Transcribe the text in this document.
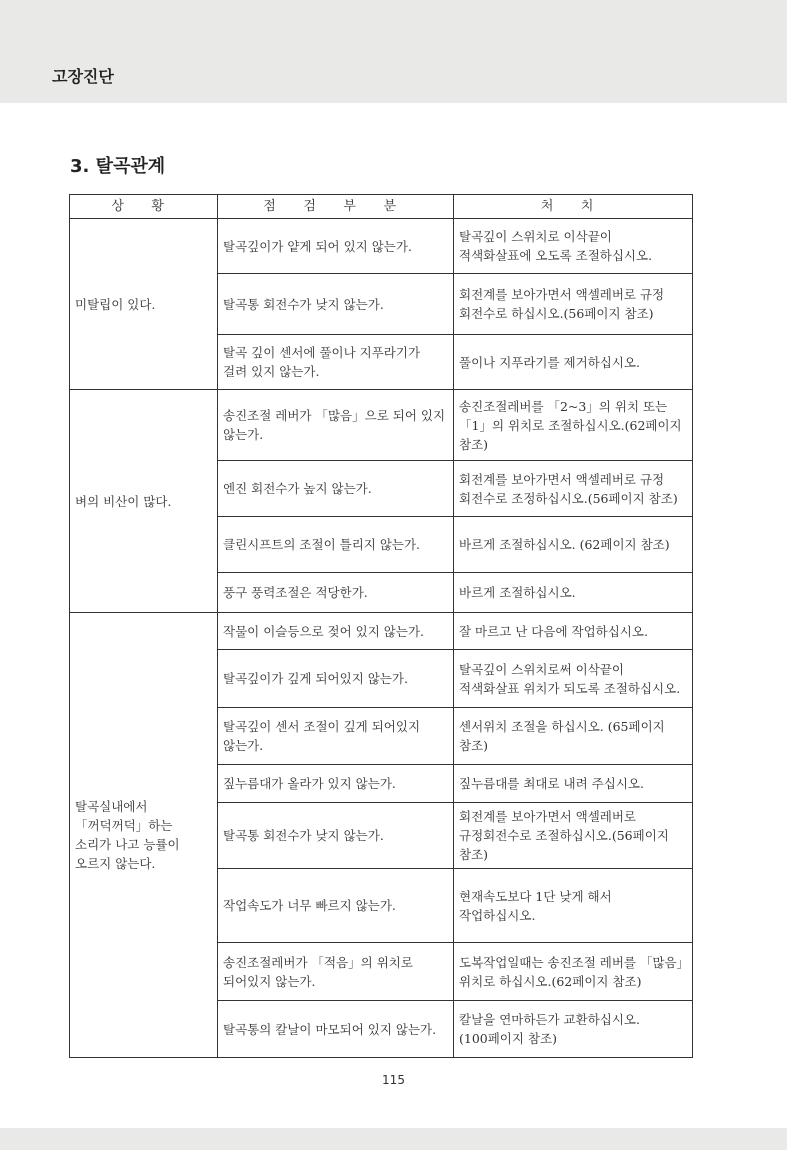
고장진단
3. 탈곡관계
상 황	점 검 부 분	처 치
미탈립이 있다.	탈곡깊이가 얕게 되어 있지 않는가.	탈곡깊이 스위치로 이삭끝이 적색화살표에 오도록 조절하십시오.
	탈곡통 회전수가 낮지 않는가.	회전계를 보아가면서 액셀레버로 규정 회전수로 하십시오.(56페이지 참조)
	탈곡 깊이 센서에 풀이나 지푸라기가 걸려 있지 않는가.	풀이나 지푸라기를 제거하십시오.
벼의 비산이 많다.	송진조절 레버가 「많음」으로 되어 있지 않는가.	송진조절레버를 「2~3」의 위치 또는 「1」의 위치로 조절하십시오.(62페이지 참조)
	엔진 회전수가 높지 않는가.	회전계를 보아가면서 액셀레버로 규정 회전수로 조정하십시오.(56페이지 참조)
	클린시프트의 조절이 틀리지 않는가.	바르게 조절하십시오. (62페이지 참조)
	풍구 풍력조절은 적당한가.	바르게 조절하십시오.
탈곡실내에서 「꺼덕꺼덕」하는 소리가 나고 능률이 오르지 않는다.	작물이 이슬등으로 젖어 있지 않는가.	잘 마르고 난 다음에 작업하십시오.
	탈곡깊이가 깊게 되어있지 않는가.	탈곡깊이 스위치로써 이삭끝이 적색화살표 위치가 되도록 조절하십시오.
	탈곡깊이 센서 조절이 깊게 되어있지 않는가.	센서위치 조절을 하십시오. (65페이지 참조)
	짚누름대가 올라가 있지 않는가.	짚누름대를 최대로 내려 주십시오.
	탈곡통 회전수가 낮지 않는가.	회전계를 보아가면서 액셀레버로 규정회전수로 조절하십시오.(56페이지 참조)
	작업속도가 너무 빠르지 않는가.	현재속도보다 1단 낮게 해서 작업하십시오.
	송진조절레버가 「적음」의 위치로 되어있지 않는가.	도복작업일때는 송진조절 레버를 「많음」위치로 하십시오.(62페이지 참조)
	탈곡통의 칼날이 마모되어 있지 않는가.	칼날을 연마하든가 교환하십시오. (100페이지 참조)
115
